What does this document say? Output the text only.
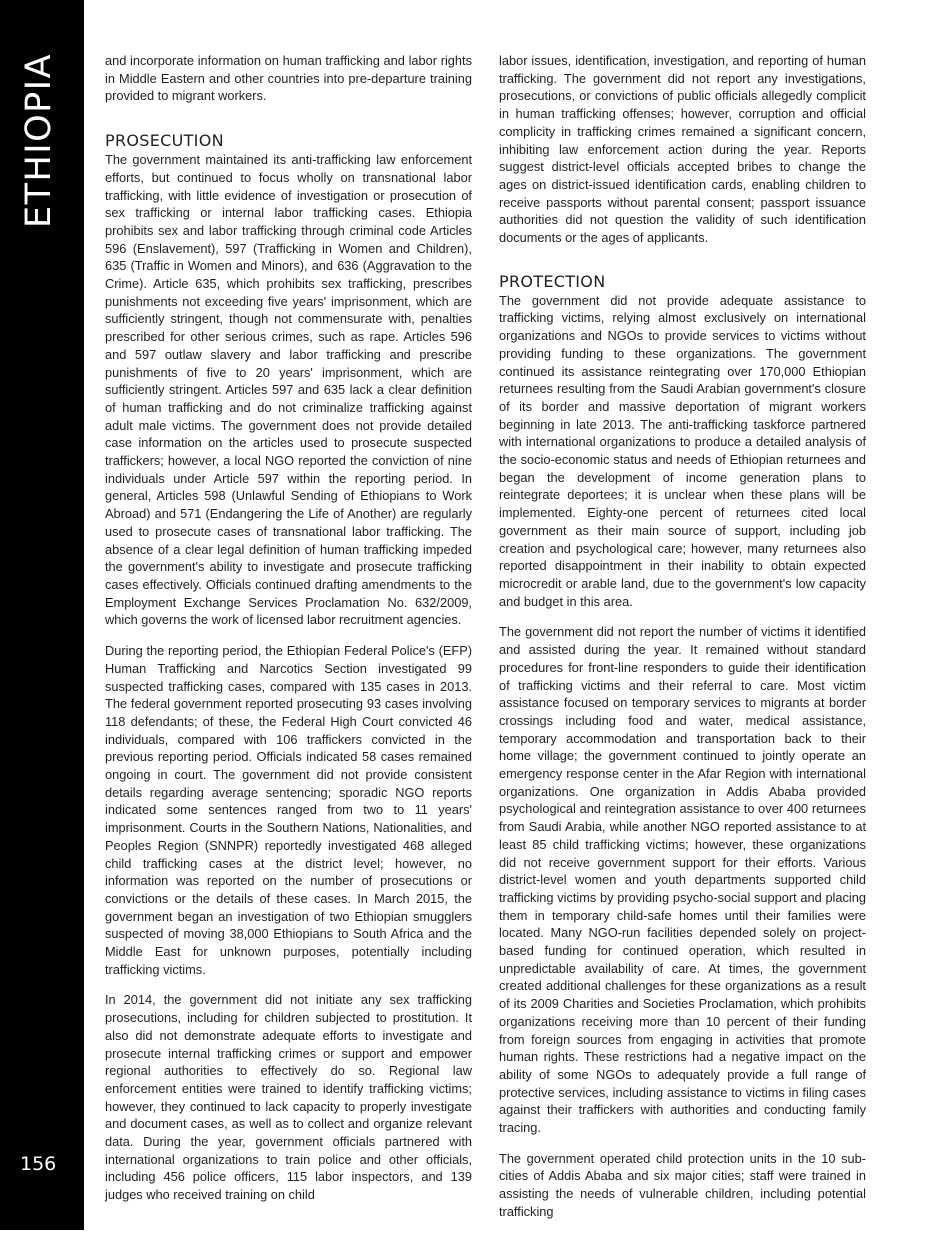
ETHIOPIA
156

and incorporate information on human trafficking and labor rights in Middle Eastern and other countries into pre-departure training provided to migrant workers.

PROSECUTION

The government maintained its anti-trafficking law enforcement efforts, but continued to focus wholly on transnational labor trafficking, with little evidence of investigation or prosecution of sex trafficking or internal labor trafficking cases. Ethiopia prohibits sex and labor trafficking through criminal code Articles 596 (Enslavement), 597 (Trafficking in Women and Children), 635 (Traffic in Women and Minors), and 636 (Aggravation to the Crime). Article 635, which prohibits sex trafficking, prescribes punishments not exceeding five years' imprisonment, which are sufficiently stringent, though not commensurate with, penalties prescribed for other serious crimes, such as rape. Articles 596 and 597 outlaw slavery and labor trafficking and prescribe punishments of five to 20 years' imprisonment, which are sufficiently stringent. Articles 597 and 635 lack a clear definition of human trafficking and do not criminalize trafficking against adult male victims. The government does not provide detailed case information on the articles used to prosecute suspected traffickers; however, a local NGO reported the conviction of nine individuals under Article 597 within the reporting period. In general, Articles 598 (Unlawful Sending of Ethiopians to Work Abroad) and 571 (Endangering the Life of Another) are regularly used to prosecute cases of transnational labor trafficking. The absence of a clear legal definition of human trafficking impeded the government's ability to investigate and prosecute trafficking cases effectively. Officials continued drafting amendments to the Employment Exchange Services Proclamation No. 632/2009, which governs the work of licensed labor recruitment agencies.

During the reporting period, the Ethiopian Federal Police's (EFP) Human Trafficking and Narcotics Section investigated 99 suspected trafficking cases, compared with 135 cases in 2013. The federal government reported prosecuting 93 cases involving 118 defendants; of these, the Federal High Court convicted 46 individuals, compared with 106 traffickers convicted in the previous reporting period. Officials indicated 58 cases remained ongoing in court. The government did not provide consistent details regarding average sentencing; sporadic NGO reports indicated some sentences ranged from two to 11 years' imprisonment. Courts in the Southern Nations, Nationalities, and Peoples Region (SNNPR) reportedly investigated 468 alleged child trafficking cases at the district level; however, no information was reported on the number of prosecutions or convictions or the details of these cases. In March 2015, the government began an investigation of two Ethiopian smugglers suspected of moving 38,000 Ethiopians to South Africa and the Middle East for unknown purposes, potentially including trafficking victims.

In 2014, the government did not initiate any sex trafficking prosecutions, including for children subjected to prostitution. It also did not demonstrate adequate efforts to investigate and prosecute internal trafficking crimes or support and empower regional authorities to effectively do so. Regional law enforcement entities were trained to identify trafficking victims; however, they continued to lack capacity to properly investigate and document cases, as well as to collect and organize relevant data. During the year, government officials partnered with international organizations to train police and other officials, including 456 police officers, 115 labor inspectors, and 139 judges who received training on child

labor issues, identification, investigation, and reporting of human trafficking. The government did not report any investigations, prosecutions, or convictions of public officials allegedly complicit in human trafficking offenses; however, corruption and official complicity in trafficking crimes remained a significant concern, inhibiting law enforcement action during the year. Reports suggest district-level officials accepted bribes to change the ages on district-issued identification cards, enabling children to receive passports without parental consent; passport issuance authorities did not question the validity of such identification documents or the ages of applicants.

PROTECTION

The government did not provide adequate assistance to trafficking victims, relying almost exclusively on international organizations and NGOs to provide services to victims without providing funding to these organizations. The government continued its assistance reintegrating over 170,000 Ethiopian returnees resulting from the Saudi Arabian government's closure of its border and massive deportation of migrant workers beginning in late 2013. The anti-trafficking taskforce partnered with international organizations to produce a detailed analysis of the socio-economic status and needs of Ethiopian returnees and began the development of income generation plans to reintegrate deportees; it is unclear when these plans will be implemented. Eighty-one percent of returnees cited local government as their main source of support, including job creation and psychological care; however, many returnees also reported disappointment in their inability to obtain expected microcredit or arable land, due to the government's low capacity and budget in this area.

The government did not report the number of victims it identified and assisted during the year. It remained without standard procedures for front-line responders to guide their identification of trafficking victims and their referral to care. Most victim assistance focused on temporary services to migrants at border crossings including food and water, medical assistance, temporary accommodation and transportation back to their home village; the government continued to jointly operate an emergency response center in the Afar Region with international organizations. One organization in Addis Ababa provided psychological and reintegration assistance to over 400 returnees from Saudi Arabia, while another NGO reported assistance to at least 85 child trafficking victims; however, these organizations did not receive government support for their efforts. Various district-level women and youth departments supported child trafficking victims by providing psycho-social support and placing them in temporary child-safe homes until their families were located. Many NGO-run facilities depended solely on project-based funding for continued operation, which resulted in unpredictable availability of care. At times, the government created additional challenges for these organizations as a result of its 2009 Charities and Societies Proclamation, which prohibits organizations receiving more than 10 percent of their funding from foreign sources from engaging in activities that promote human rights. These restrictions had a negative impact on the ability of some NGOs to adequately provide a full range of protective services, including assistance to victims in filing cases against their traffickers with authorities and conducting family tracing.

The government operated child protection units in the 10 sub-cities of Addis Ababa and six major cities; staff were trained in assisting the needs of vulnerable children, including potential trafficking
